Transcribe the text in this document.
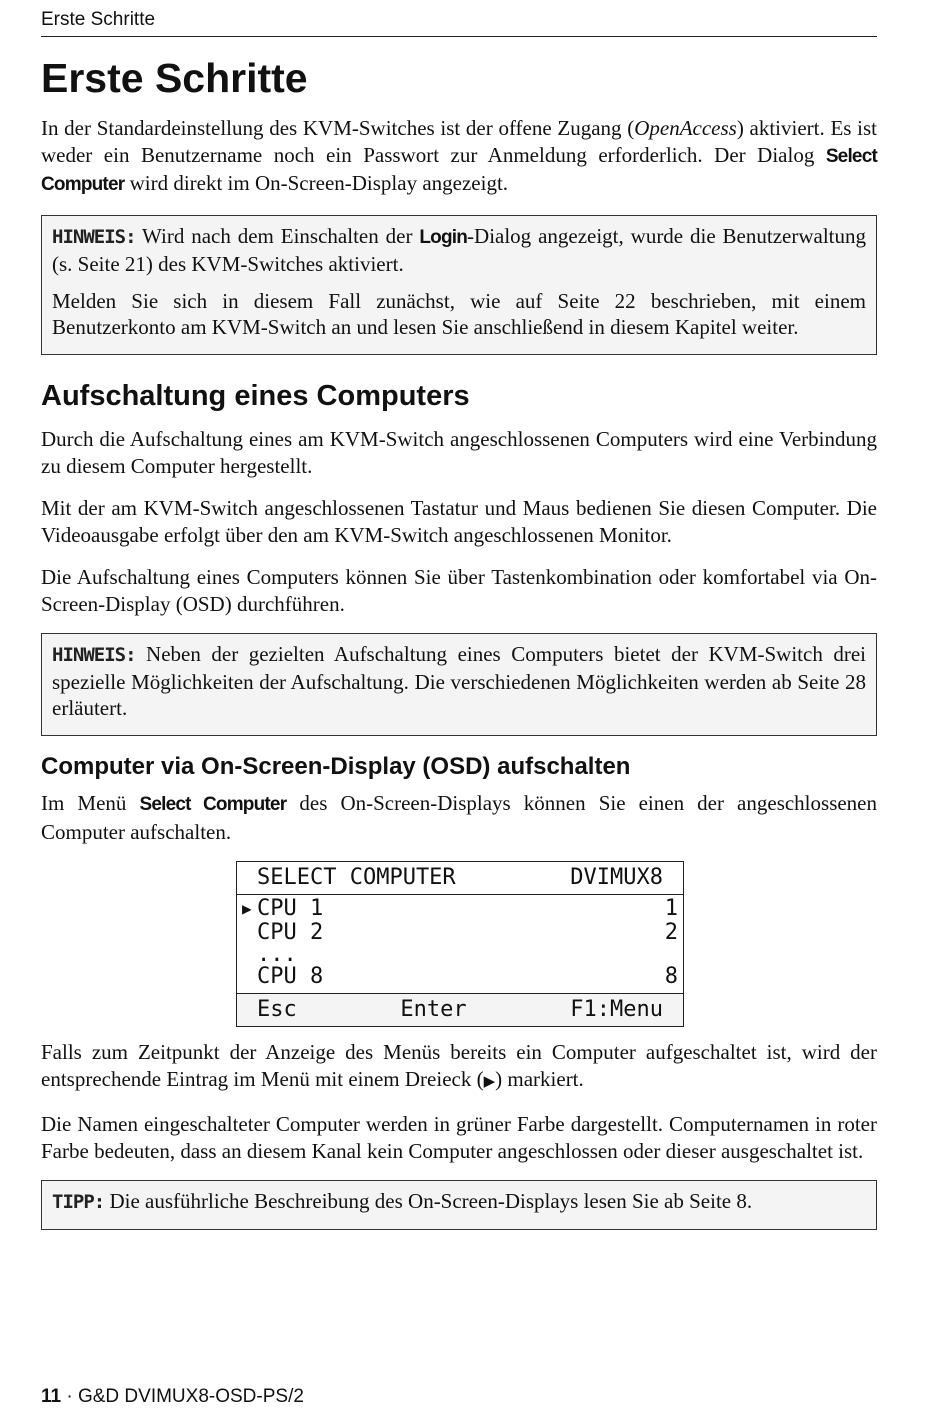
Erste Schritte
Erste Schritte

In der Standardeinstellung des KVM-Switches ist der offene Zugang (OpenAccess) aktiviert. Es ist weder ein Benutzername noch ein Passwort zur Anmeldung erforderlich. Der Dialog Select Computer wird direkt im On-Screen-Display angezeigt.

HINWEIS: Wird nach dem Einschalten der Login-Dialog angezeigt, wurde die Benutzerwaltung (s. Seite 21) des KVM-Switches aktiviert.

Melden Sie sich in diesem Fall zunächst, wie auf Seite 22 beschrieben, mit einem Benutzerkonto am KVM-Switch an und lesen Sie anschließend in diesem Kapitel weiter.

Aufschaltung eines Computers

Durch die Aufschaltung eines am KVM-Switch angeschlossenen Computers wird eine Verbindung zu diesem Computer hergestellt.

Mit der am KVM-Switch angeschlossenen Tastatur und Maus bedienen Sie diesen Computer. Die Videoausgabe erfolgt über den am KVM-Switch angeschlossenen Monitor.

Die Aufschaltung eines Computers können Sie über Tastenkombination oder komfortabel via On-Screen-Display (OSD) durchführen.

HINWEIS: Neben der gezielten Aufschaltung eines Computers bietet der KVM-Switch drei spezielle Möglichkeiten der Aufschaltung. Die verschiedenen Möglichkeiten werden ab Seite 28 erläutert.

Computer via On-Screen-Display (OSD) aufschalten

Im Menü Select Computer des On-Screen-Displays können Sie einen der angeschlossenen Computer aufschalten.

SELECT COMPUTER	DVIMUX8
▶ CPU 1	1
CPU 2	2
...
CPU 8	8
Esc	Enter	F1:Menu

Falls zum Zeitpunkt der Anzeige des Menüs bereits ein Computer aufgeschaltet ist, wird der entsprechende Eintrag im Menü mit einem Dreieck (▶) markiert.

Die Namen eingeschalteter Computer werden in grüner Farbe dargestellt. Computernamen in roter Farbe bedeuten, dass an diesem Kanal kein Computer angeschlossen oder dieser ausgeschaltet ist.

TIPP: Die ausführliche Beschreibung des On-Screen-Displays lesen Sie ab Seite 8.

11 · G&D DVIMUX8-OSD-PS/2
